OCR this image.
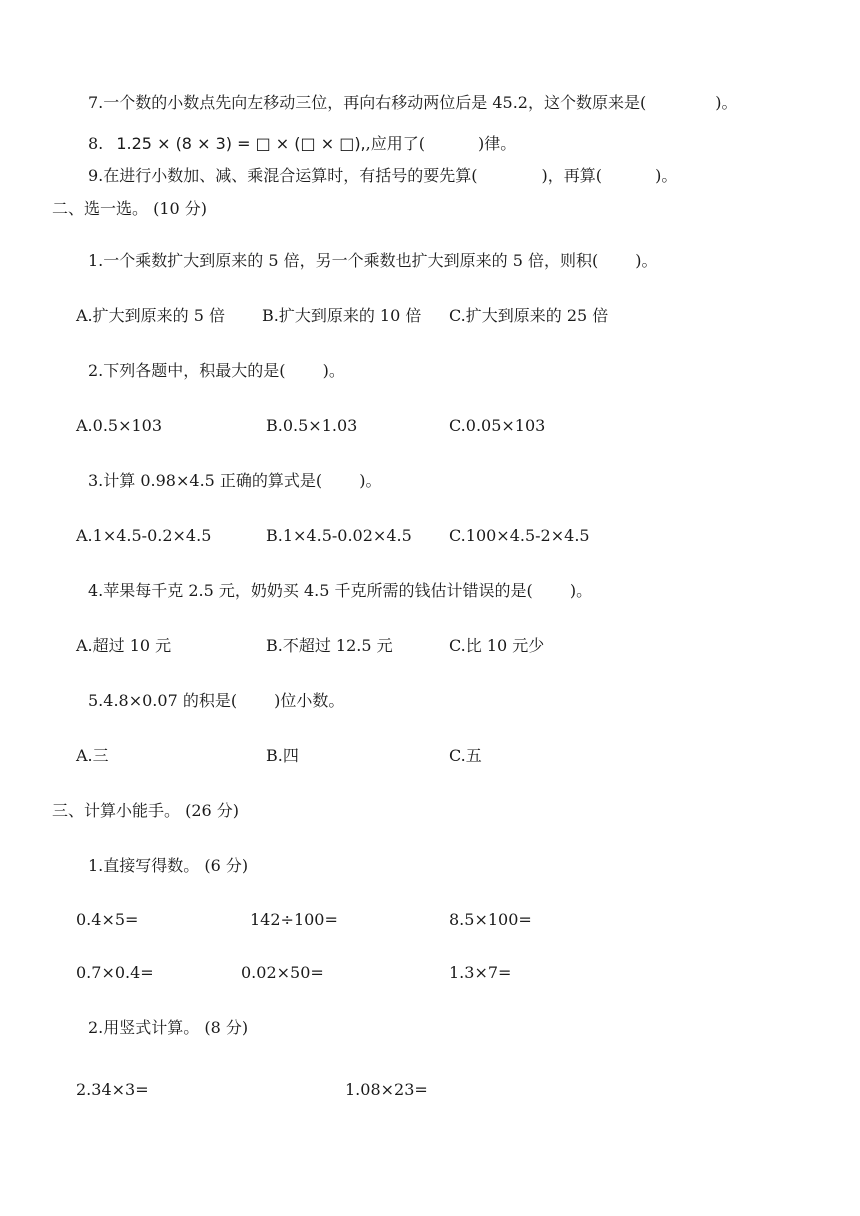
7.一个数的小数点先向左移动三位，再向右移动两位后是 45.2，这个数原来是(　　　　 )。
8. 1.25 × (8 × 3) = □ × (□ × □),,应用了(　　　 )律。
9.在进行小数加、减、乘混合运算时，有括号的要先算(　　　　)，再算(　　　 )。
二、选一选。 (10 分)
1.一个乘数扩大到原来的 5 倍，另一个乘数也扩大到原来的 5 倍，则积(　　 )。
A.扩大到原来的 5 倍 B.扩大到原来的 10 倍 C.扩大到原来的 25 倍
2.下列各题中，积最大的是(　　 )。
A.0.5×103	B.0.5×1.03	C.0.05×103
3.计算 0.98×4.5 正确的算式是(　　 )。
A.1×4.5-0.2×4.5	B.1×4.5-0.02×4.5 C.100×4.5-2×4.5
4.苹果每千克 2.5 元，奶奶买 4.5 千克所需的钱估计错误的是(　　 )。
A.超过 10 元	B.不超过 12.5 元	C.比 10 元少
5.4.8×0.07 的积是(　　 )位小数。
A.三	B.四	C.五
三、计算小能手。 (26 分)
1.直接写得数。 (6 分)
0.4×5=	142÷100=	8.5×100=
0.7×0.4=	0.02×50=	1.3×7=
2.用竖式计算。 (8 分)
2.34×3=	1.08×23=
